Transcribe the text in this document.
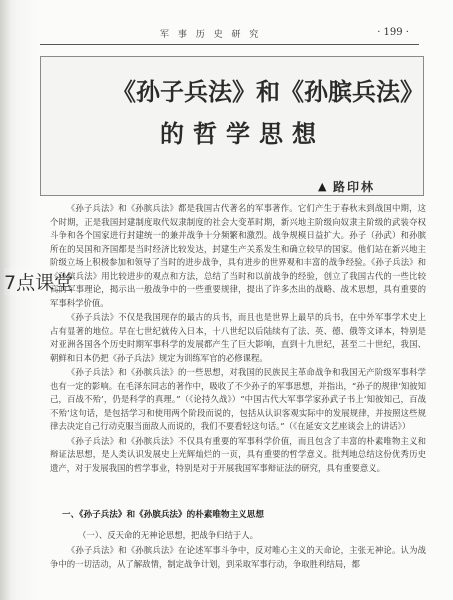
军 事 历 史 研 究	· 199 ·
《孙子兵法》和《孙膑兵法》
的哲学思想
▲ 路印林

《孙子兵法》和《孙膑兵法》都是我国古代著名的军事著作。它们产生于春秋末到战国中期，这个时期，正是我国封建制度取代奴隶制度的社会大变革时期，新兴地主阶级向奴隶主阶级的武装夺权斗争和各个国家进行封建统一的兼并战争十分频繁和激烈。战争规模日益扩大。孙子（孙武）和孙膑所在的吴国和齐国都是当时经济比较发达，封建生产关系发生和确立较早的国家。他们站在新兴地主阶级立场上积极参加和领导了当时的进步战争，具有进步的世界观和丰富的战争经验。《孙子兵法》和《孙膑兵法》用比较进步的观点和方法，总结了当时和以前战争的经验，创立了我国古代的一些比较高的军事理论，揭示出一般战争中的一些重要规律，提出了许多杰出的战略、战术思想，具有重要的军事科学价值。

《孙子兵法》不仅是我国现存的最古的兵书，而且也是世界上最早的兵书，在中外军事学术史上占有显著的地位。早在七世纪就传入日本，十八世纪以后陆续有了法、英、德、俄等文译本，特别是对亚洲各国各个历史时期军事科学的发展都产生了巨大影响，直到十九世纪，甚至二十世纪，我国、朝鲜和日本仍把《孙子兵法》规定为训练军官的必修课程。

《孙子兵法》和《孙膑兵法》的一些思想，对我国的民族民主革命战争和我国无产阶级军事科学也有一定的影响。在毛泽东同志的著作中，吸收了不少孙子的军事思想，并指出，“孙子的规律‘知彼知己，百战不殆’，仍是科学的真理。”（《论持久战》）“中国古代大军事学家孙武子书上‘知彼知己，百战不殆’这句话，是包括学习和使用两个阶段而说的，包括从认识客观实际中的发展规律，并按照这些规律去决定自己行动克服当面敌人而说的，我们不要看轻这句话。”（《在延安文艺座谈会上的讲话》）

《孙子兵法》和《孙膑兵法》不仅具有重要的军事科学价值，而且包含了丰富的朴素唯物主义和辩证法思想，是人类认识发展史上光辉灿烂的一页，具有重要的哲学意义。批判地总结这份优秀历史遗产，对于发展我国的哲学事业，特别是对于开展我国军事辩证法的研究，具有重要意义。

一、《孙子兵法》和《孙膑兵法》的朴素唯物主义思想
（一）、反天命的无神论思想，把战争归结于人。

《孙子兵法》和《孙膑兵法》在论述军事斗争中，反对唯心主义的天命论，主张无神论。认为战争中的一切活动，从了解敌情，制定战争计划，到采取军事行动，争取胜利结局，都

7点课堂
